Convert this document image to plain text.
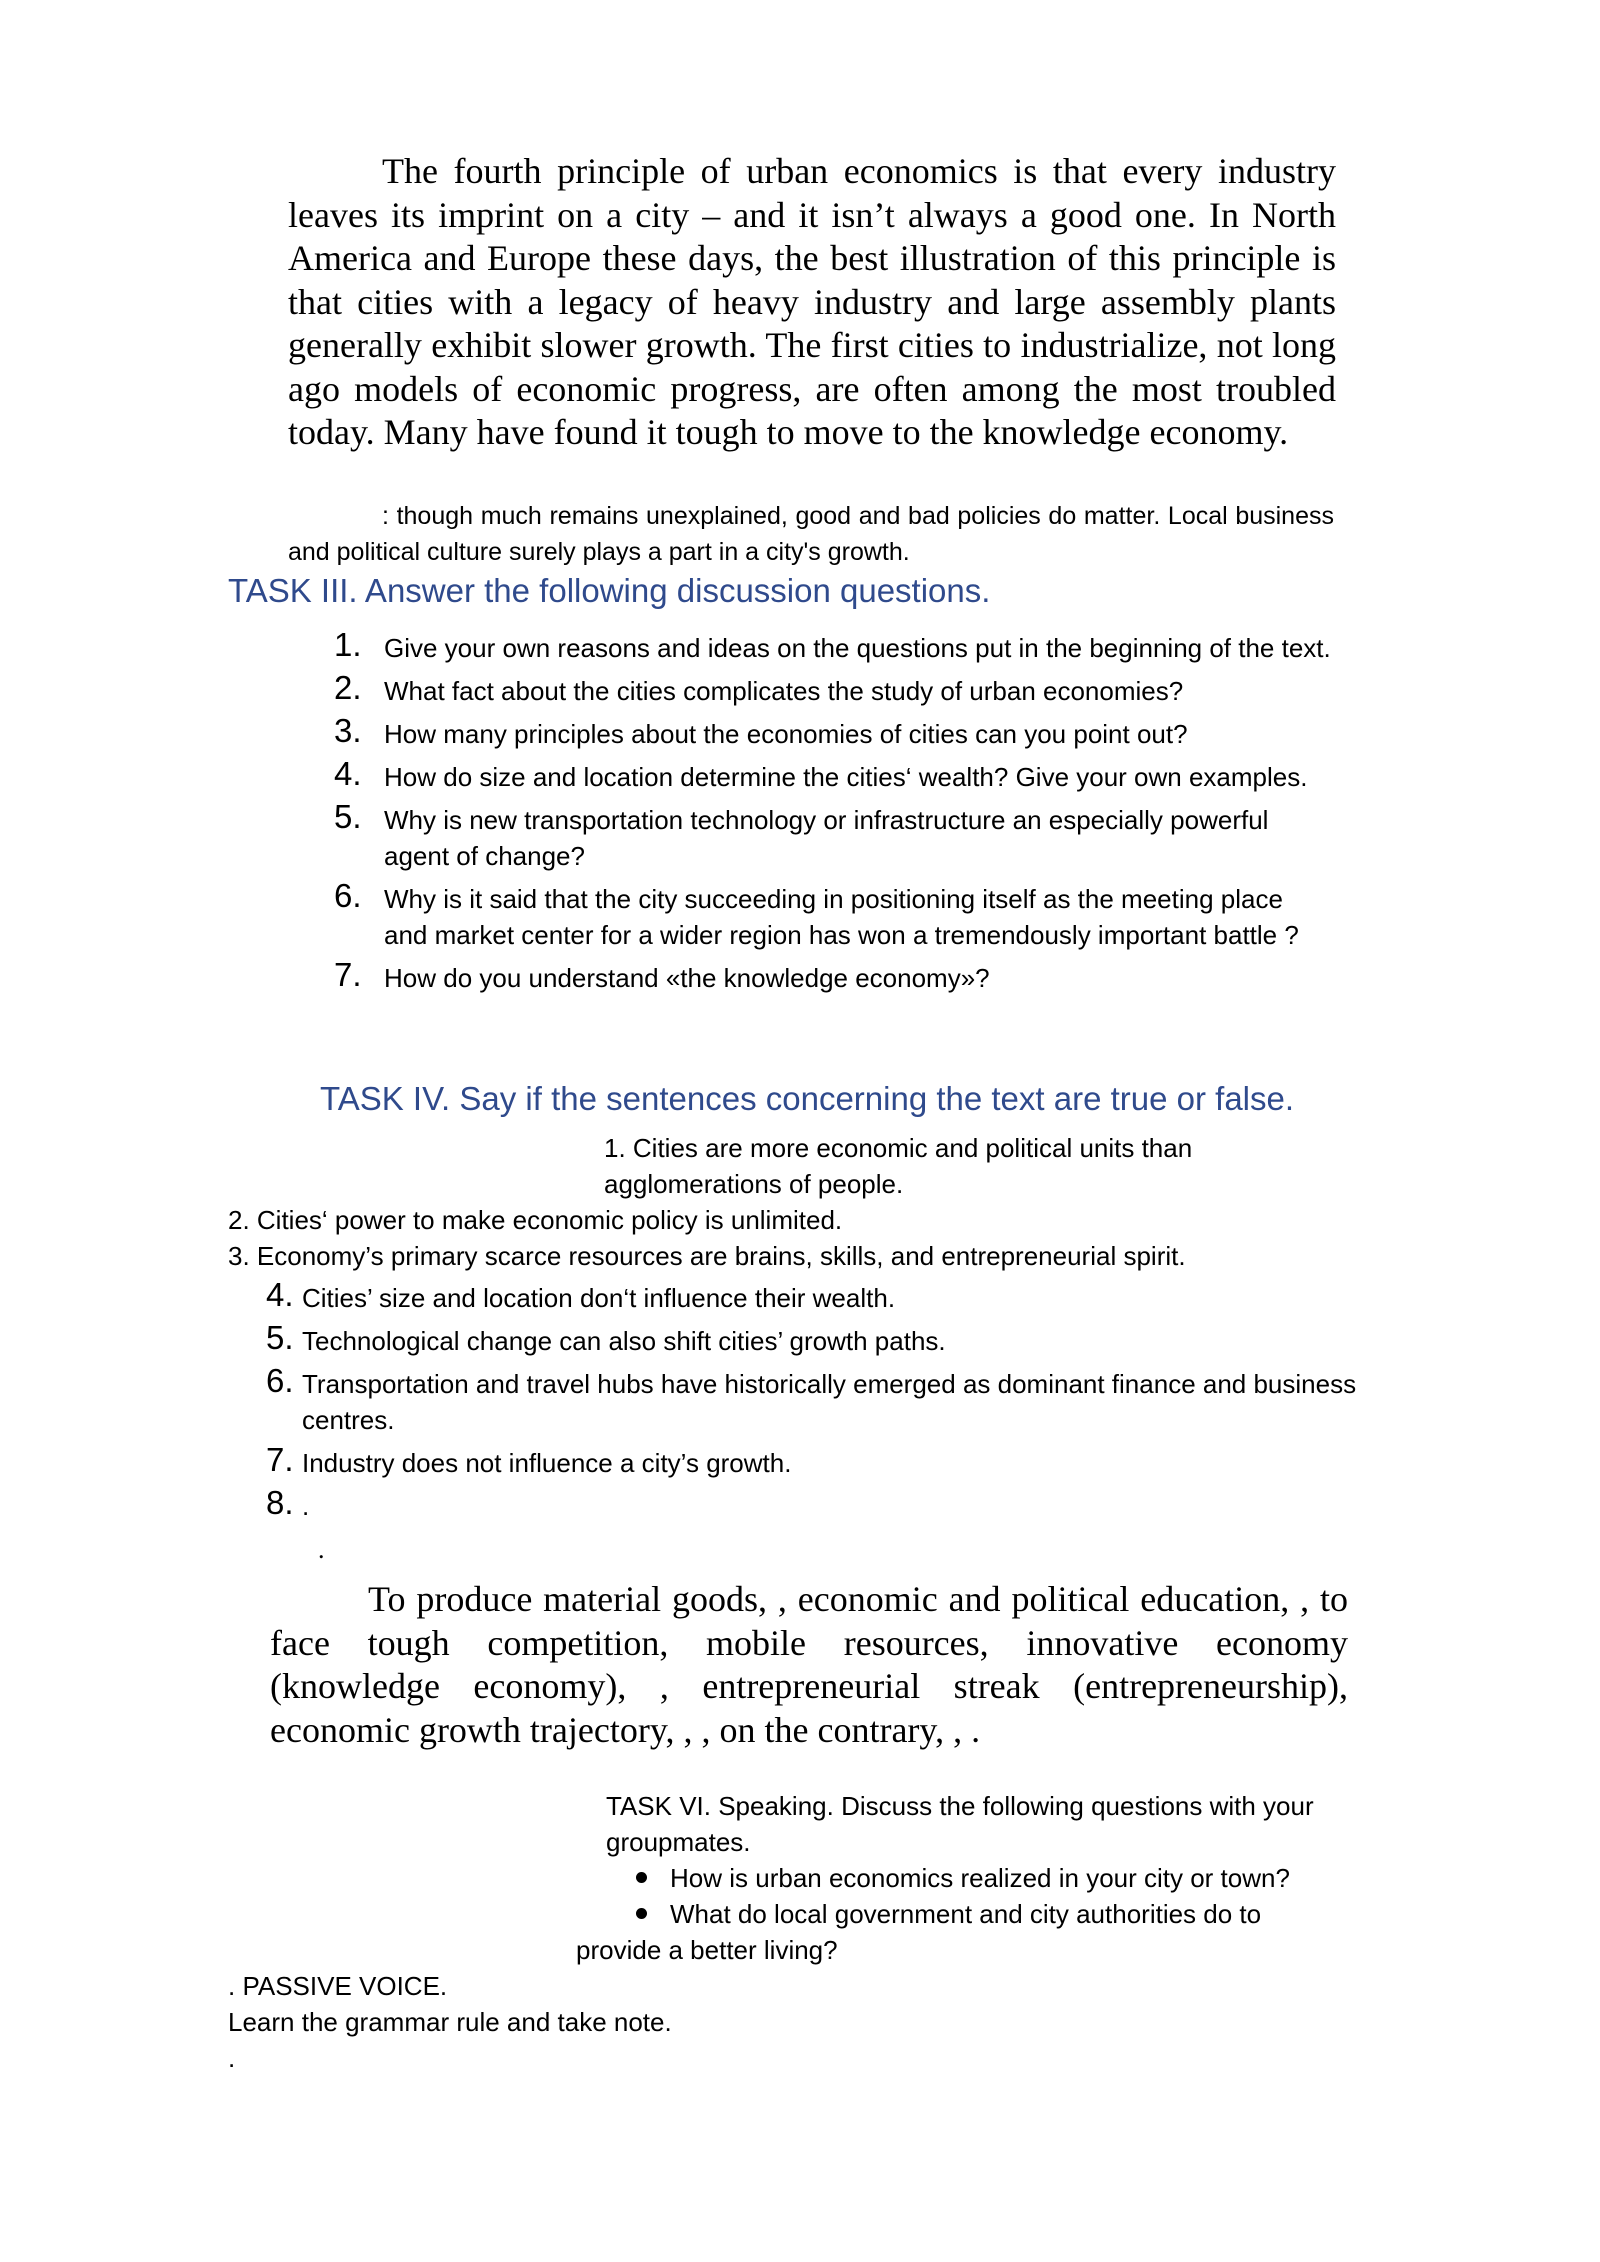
The fourth principle of urban economics is that every industry leaves its imprint on a city – and it isn’t always a good one. In North America and Europe these days, the best illustration of this principle is that cities with a legacy of heavy industry and large assembly plants generally exhibit slower growth. The first cities to industrialize, not long ago models of economic progress, are often among the most troubled today. Many have found it tough to move to the knowledge economy.

: though much remains unexplained, good and bad policies do matter. Local business and political culture surely plays a part in a city's growth.

TASK III. Answer the following discussion questions.
1. Give your own reasons and ideas on the questions put in the beginning of the text.
2. What fact about the cities complicates the study of urban economies?
3. How many principles about the economies of cities can you point out?
4. How do size and location determine the cities‘ wealth? Give your own examples.
5. Why is new transportation technology or infrastructure an especially powerful agent of change?
6. Why is it said that the city succeeding in positioning itself as the meeting place and market center for a wider region has won a tremendously important battle ?
7. How do you understand «the knowledge economy»?
TASK IV. Say if the sentences concerning the text are true or false.
1. Cities are more economic and political units than agglomerations of people.
2. Cities‘ power to make economic policy is unlimited.
3. Economy’s primary scarce resources are brains, skills, and entrepreneurial spirit.
4. Cities’ size and location don‘t influence their wealth.
5. Technological change can also shift cities’ growth paths.
6. Transportation and travel hubs have historically emerged as dominant finance and business centres.
7. Industry does not influence a city’s growth.
8. .
.

To produce material goods, , economic and political education, , to face tough competition, mobile resources, innovative economy (knowledge economy), , entrepreneurial streak (entrepreneurship), economic growth trajectory, , , on the contrary, , .

TASK VI. Speaking. Discuss the following questions with your groupmates.
How is urban economics realized in your city or town?
What do local government and city authorities do to
provide a better living?
. PASSIVE VOICE.
Learn the grammar rule and take note.
.
